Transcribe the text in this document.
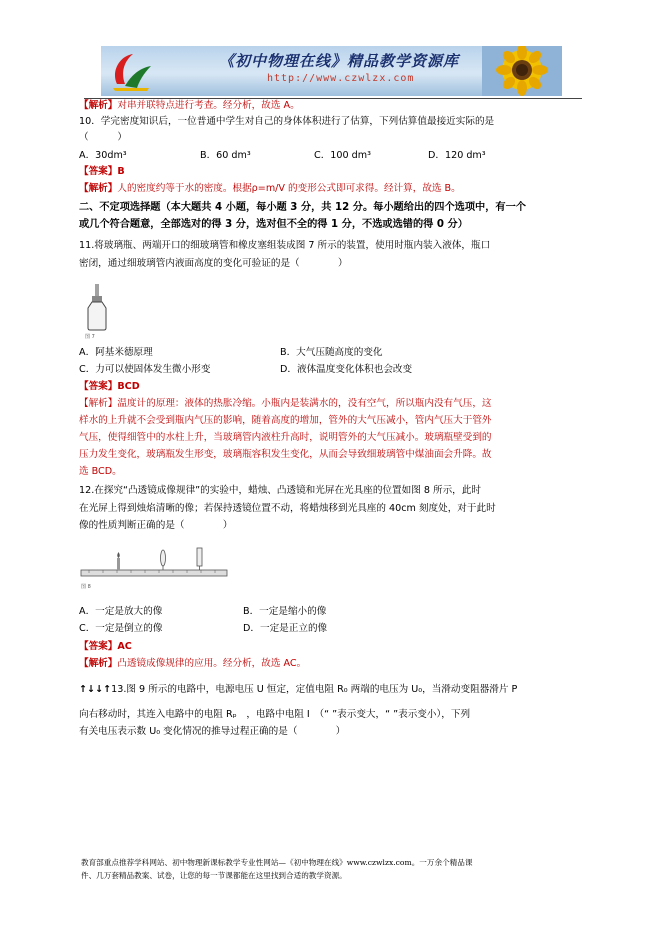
《初中物理在线》精品教学资源库
http://www.czwlzx.com
【解析】对串并联特点进行考查。经分析，故选 A。
10．学完密度知识后，一位普通中学生对自己的身体体积进行了估算，下列估算值最接近实际的是
（　　　）
A．30dm³	B．60 dm³	C．100 dm³	D．120 dm³
【答案】B
【解析】人的密度约等于水的密度。根据ρ=m/V 的变形公式即可求得。经计算，故选 B。
二、不定项选择题（本大题共 4 小题，每小题 3 分，共 12 分。每小题给出的四个选项中，有一个
或几个符合题意，全部选对的得 3 分，选对但不全的得 1 分，不选或选错的得 0 分）
11.将玻璃瓶、两端开口的细玻璃管和橡皮塞组装成图 7 所示的装置，使用时瓶内装入液体，瓶口
密闭，通过细玻璃管内液面高度的变化可验证的是（　　　　）
图 7
A．阿基米德原理	B．大气压随高度的变化
C．力可以使固体发生微小形变	D．液体温度变化体积也会改变
【答案】BCD
【解析】温度计的原理：液体的热胀冷缩。小瓶内是装满水的，没有空气，所以瓶内没有气压，这
样水的上升就不会受到瓶内气压的影响，随着高度的增加，管外的大气压减小，管内气压大于管外
气压，使得细管中的水柱上升，当玻璃管内液柱升高时，说明管外的大气压减小。玻璃瓶壁受到的
压力发生变化，玻璃瓶发生形变，玻璃瓶容积发生变化，从而会导致细玻璃管中煤油面会升降。故
选 BCD。
12.在探究“凸透镜成像规律”的实验中，蜡烛、凸透镜和光屏在光具座的位置如图 8 所示，此时
在光屏上得到烛焰清晰的像；若保持透镜位置不动，将蜡烛移到光具座的 40cm 刻度处，对于此时
像的性质判断正确的是（　　　　）
图 8
A．一定是放大的像	B．一定是缩小的像
C．一定是倒立的像	D．一定是正立的像
【答案】AC
【解析】凸透镜成像规律的应用。经分析，故选 AC。
↑↓↓↑13.图 9 所示的电路中，电源电压 U 恒定，定值电阻 R₀ 两端的电压为 U₀，当滑动变阻器滑片 P
向右移动时，其连入电路中的电阻 Rₚ　，电路中电阻 I　（“ ”表示变大，“ ”表示变小），下列
有关电压表示数 U₀ 变化情况的推导过程正确的是（　　　　）
教育部重点推荐学科网站、初中物理新课标教学专业性网站—《初中物理在线》www.czwlzx.com。一万余个精品课
件、几万套精品教案、试卷，让您的每一节课都能在这里找到合适的教学资源。
